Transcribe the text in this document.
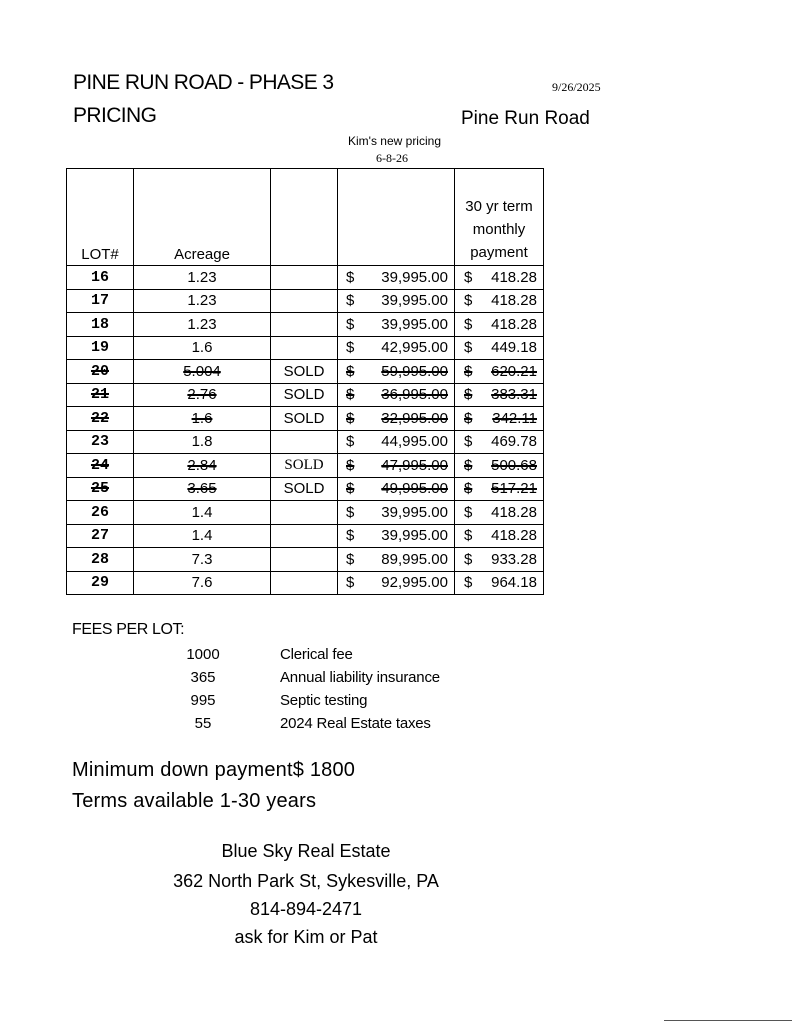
PINE RUN ROAD - PHASE 3
PRICING
9/26/2025
Pine Run Road
Kim's new pricing
6-8-26
LOT#	Acreage			30 yr term
monthly
payment

16	1.23		$ 39,995.00	$ 418.28

17	1.23		$ 39,995.00	$ 418.28

18	1.23		$ 39,995.00	$ 418.28

19	1.6		$ 42,995.00	$ 449.18

20	5.004	SOLD	$ 59,995.00	$ 620.21

21	2.76	SOLD	$ 36,995.00	$ 383.31

22	1.6	SOLD	$ 32,995.00	$ 342.11

23	1.8		$ 44,995.00	$ 469.78

24	2.84	SOLD	$ 47,995.00	$ 500.68

25	3.65	SOLD	$ 49,995.00	$ 517.21

26	1.4		$ 39,995.00	$ 418.28

27	1.4		$ 39,995.00	$ 418.28

28	7.3		$ 89,995.00	$ 933.28

29	7.6		$ 92,995.00	$ 964.18
FEES PER LOT:
1000	Clerical fee
365	Annual liability insurance
995	Septic testing
55	2024 Real Estate taxes
Minimum down payment$ 1800
Terms available 1-30 years
Blue Sky Real Estate
362 North Park St, Sykesville, PA
814-894-2471
ask for Kim or Pat
